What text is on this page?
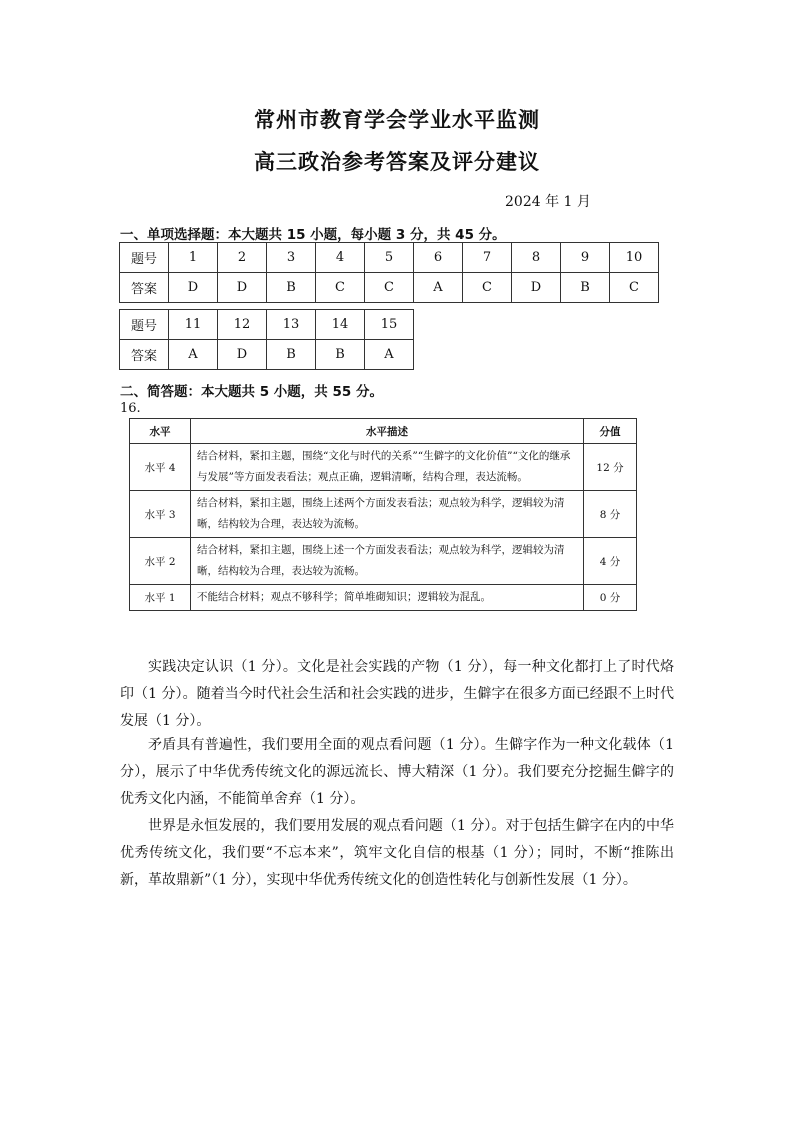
常州市教育学会学业水平监测
高三政治参考答案及评分建议
2024 年 1 月
一、单项选择题：本大题共 15 小题，每小题 3 分，共 45 分。
题号	1	2	3	4	5	6	7	8	9	10
答案	D	D	B	C	C	A	C	D	B	C
题号	11	12	13	14	15
答案	A	D	B	B	A
二、简答题：本大题共 5 小题，共 55 分。
16.
水平	水平描述	分值
水平 4	结合材料，紧扣主题，围绕“文化与时代的关系”“生僻字的文化价值”“文化的继承与发展”等方面发表看法；观点正确，逻辑清晰，结构合理，表达流畅。	12 分
水平 3	结合材料，紧扣主题，围绕上述两个方面发表看法；观点较为科学，逻辑较为清晰，结构较为合理，表达较为流畅。	8 分
水平 2	结合材料，紧扣主题，围绕上述一个方面发表看法；观点较为科学，逻辑较为清晰，结构较为合理，表达较为流畅。	4 分
水平 1	不能结合材料；观点不够科学；简单堆砌知识；逻辑较为混乱。	0 分

实践决定认识（1 分）。文化是社会实践的产物（1 分），每一种文化都打上了时代烙印（1 分）。随着当今时代社会生活和社会实践的进步，生僻字在很多方面已经跟不上时代发展（1 分）。

矛盾具有普遍性，我们要用全面的观点看问题（1 分）。生僻字作为一种文化载体（1 分），展示了中华优秀传统文化的源远流长、博大精深（1 分）。我们要充分挖掘生僻字的优秀文化内涵，不能简单舍弃（1 分）。

世界是永恒发展的，我们要用发展的观点看问题（1 分）。对于包括生僻字在内的中华优秀传统文化，我们要“不忘本来”，筑牢文化自信的根基（1 分）；同时，不断“推陈出新，革故鼎新”（1 分），实现中华优秀传统文化的创造性转化与创新性发展（1 分）。
